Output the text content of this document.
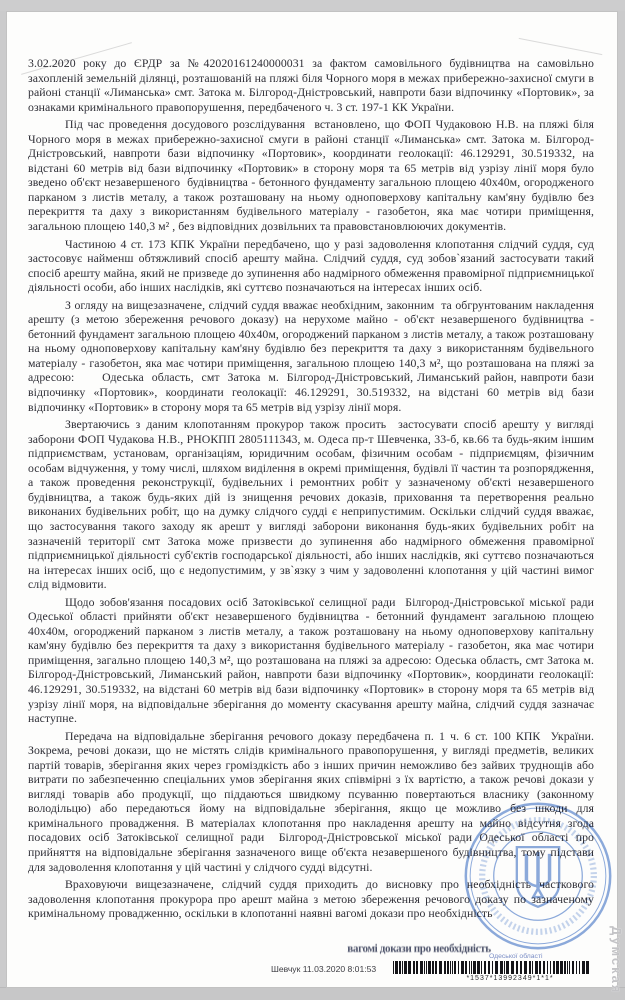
3.02.2020 року до ЄРДР за №42020161240000031 за фактом самовільного будівництва на самовільно захопленій земельній ділянці, розташованій на пляжі біля Чорного моря в межах прибережно-захисної смуги в районі станції «Лиманська» смт. Затока м. Білгород-Дністровський, навпроти бази відпочинку «Портовик», за ознаками кримінального правопорушення, передбаченого ч. 3 ст. 197-1 КК України.

Під час проведення досудового розслідування  встановлено, що ФОП Чудаковою Н.В. на пляжі біля Чорного моря в межах прибережно-захисної смуги в районі станції «Лиманська» смт. Затока м. Білгород-Дністровський, навпроти бази відпочинку «Портовик», координати геолокації: 46.129291, 30.519332, на відстані 60 метрів від бази відпочинку «Портовик» в сторону моря та 65 метрів від узрізу лінії моря було зведено об'єкт незавершеного  будівництва - бетонного фундаменту загальною площею 40х40м, огородженого парканом з листів металу, а також розташовану на ньому одноповерхову капітальну кам'яну будівлю без перекриття та даху з використанням будівельного матеріалу - газобетон, яка має чотири приміщення, загальною площею 140,3 м² , без відповідних дозвільних та правовстановлюючих документів.

Частиною 4 ст. 173 КПК України передбачено, що у разі задоволення клопотання слідчий суддя, суд застосовує найменш обтяжливий спосіб арешту майна. Слідчий суддя, суд зобов`язаний застосувати такий спосіб арешту майна, який не призведе до зупинення або надмірного обмеження правомірної підприємницької діяльності особи, або інших наслідків, які суттєво позначаються на інтересах інших осіб.

З огляду на вищезазначене, слідчий суддя вважає необхідним, законним  та обгрунтованим накладення арешту (з метою збереження речового доказу) на нерухоме майно - об'єкт незавершеного будівництва - бетонний фундамент загальною площею 40х40м, огороджений парканом з листів металу, а також розташовану на ньому одноповерхову капітальну кам'яну будівлю без перекриття та даху з використанням будівельного матеріалу - газобетон, яка має чотири приміщення, загальною площею 140,3 м², що розташована на пляжі за адресою:       Одеська  область,  смт  Затока  м.  Білгород-Дністровський, Лиманський район, навпроти бази відпочинку «Портовик», координати геолокації: 46.129291, 30.519332, на відстані 60 метрів від бази відпочинку «Портовик» в сторону моря та 65 метрів від узрізу лінії моря.

Звертаючись з даним клопотанням прокурор також просить  застосувати спосіб арешту у вигляді заборони ФОП Чудакова Н.В., РНОКПП 2805111343, м. Одеса пр-т Шевченка, 33-б, кв.66 та будь-яким іншим підприємствам, установам, організаціям, юридичним особам, фізичним особам - підприємцям, фізичним особам відчуження, у тому числі, шляхом виділення в окремі приміщення, будівлі її частин та розпорядження, а також проведення реконструкції, будівельних і ремонтних робіт у зазначеному об'єкті незавершеного будівництва, а також будь-яких дій із знищення речових доказів, приховання та перетворення реально виконаних будівельних робіт, що на думку слідчого судді є неприпустимим. Оскільки слідчий суддя вважає, що застосування такого заходу як арешт у вигляді заборони виконання будь-яких будівельних робіт на зазначеній території смт Затока може призвести до зупинення або надмірного обмеження правомірної підприємницької діяльності суб'єктів господарської діяльності, або інших наслідків, які суттєво позначаються на інтересах інших осіб, що є недопустимим, у зв`язку з чим у задоволенні клопотання у цій частині вимог слід відмовити.

Щодо зобов'язання посадових осіб Затоківської селищної ради  Білгород-Дністровської міської ради Одеської області прийняти об'єкт незавершеного будівництва - бетонний фундамент загальною площею 40х40м, огороджений парканом з листів металу, а також розташовану на ньому одноповерхову капітальну кам'яну будівлю без перекриття та даху з використання будівельного матеріалу - газобетон, яка має чотири приміщення, загально площею 140,3 м², що розташована на пляжі за адресою: Одеська область, смт Затока м. Білгород-Дністровський, Лиманський район, навпроти бази відпочинку «Портовик», координати геолокації: 46.129291, 30.519332, на відстані 60 метрів від бази відпочинку «Портовик» в сторону моря та 65 метрів від узрізу лінії моря, на відповідальне зберігання до моменту скасування арешту майна, слідчий суддя зазначає наступне.

Передача на відповідальне зберігання речового доказу передбачена п. 1 ч. 6 ст. 100 КПК  України. Зокрема, речові докази, що не містять слідів кримінального правопорушення, у вигляді предметів, великих партій товарів, зберігання яких через громіздкість або з інших причин неможливо без зайвих труднощів або витрати по забезпеченню спеціальних умов зберігання яких співмірні з їх вартістю, а також речові докази у вигляді товарів або продукції, що піддаються швидкому псуванню повертаються власнику (законному володільцю) або передаються йому на відповідальне зберігання, якщо це можливо без шкоди для кримінального провадження. В матеріалах клопотання про накладення арешту на майно відсутня згода посадових осіб Затоківської селищної ради  Білгород-Дністровської міської ради Одеської області про прийняття на відповідальне зберігання зазначеного вище об'єкта незавершеного будівництва, тому підстави для задоволення клопотання у цій частині у слідчого судді відсутні.

Враховуючи вищезазначене, слідчий суддя приходить до висновку про необхідність часткового задоволення клопотання прокурора про арешт майна з метою збереження речового доказу по зазначеному кримінальному провадженню, оскільки в клопотанні наявні вагомі докази про необхідність

вагомі докази про необхідність
Одеської області
Шевчук 11.03.2020 8:01:53
*1537*13992349*1*1*	Думская
